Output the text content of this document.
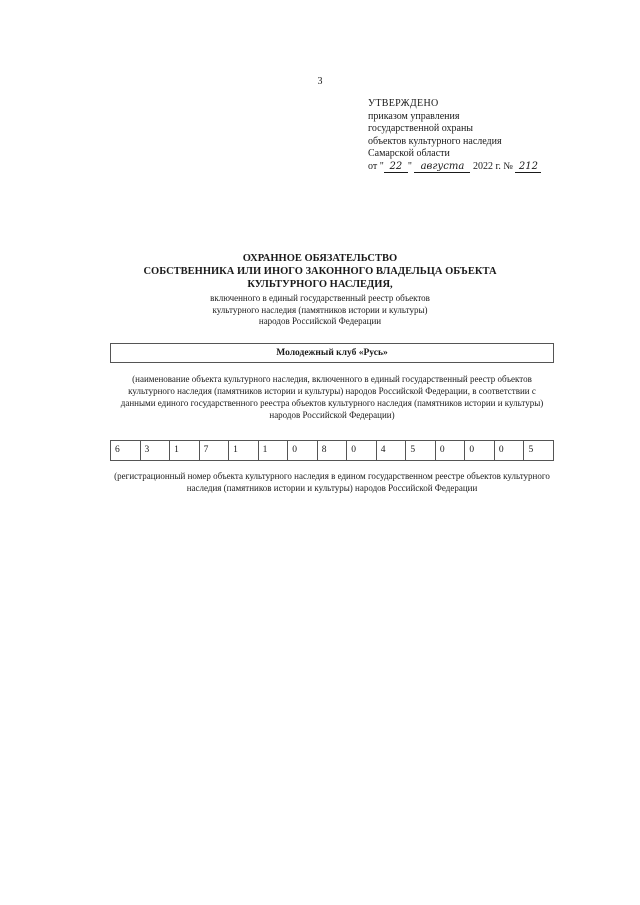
3
УТВЕРЖДЕНО
приказом управления
государственной охраны
объектов культурного наследия
Самарской области
от " 22 " августа 2022 г. № 212
ОХРАННОЕ ОБЯЗАТЕЛЬСТВО
СОБСТВЕННИКА ИЛИ ИНОГО ЗАКОННОГО ВЛАДЕЛЬЦА ОБЪЕКТА
КУЛЬТУРНОГО НАСЛЕДИЯ,
включенного в единый государственный реестр объектов
культурного наследия (памятников истории и культуры)
народов Российской Федерации
Молодежный клуб «Русь»
(наименование объекта культурного наследия, включенного в единый государственный реестр объектов культурного наследия (памятников истории и культуры) народов Российской Федерации, в соответствии с данными единого государственного реестра объектов культурного наследия (памятников истории и культуры) народов Российской Федерации)
6	3	1	7	1	1	0	8	0	4	5	0	0	0	5
(регистрационный номер объекта культурного наследия в едином государственном реестре объектов культурного наследия (памятников истории и культуры) народов Российской Федерации
